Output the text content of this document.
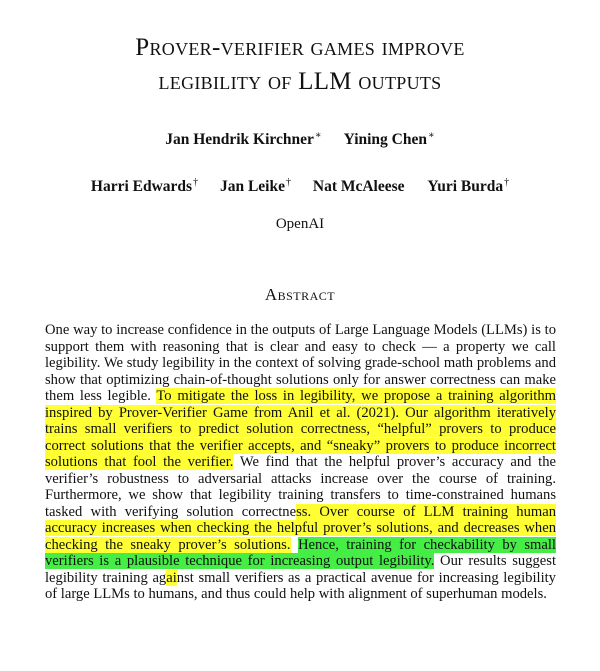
Prover-verifier games improve
legibility of LLM outputs
Jan Hendrik Kirchner∗ Yining Chen∗
Harri Edwards† Jan Leike† Nat McAleese Yuri Burda†
OpenAI
Abstract

One way to increase confidence in the outputs of Large Language Models (LLMs) is to support them with reasoning that is clear and easy to check — a property we call legibility. We study legibility in the context of solving grade-school math problems and show that optimizing chain-of-thought solutions only for answer correctness can make them less legible. To mitigate the loss in legibility, we propose a training algorithm inspired by Prover-Verifier Game from Anil et al. (2021). Our algorithm iteratively trains small verifiers to predict solution correctness, “helpful” provers to produce correct solutions that the verifier accepts, and “sneaky” provers to produce incorrect solutions that fool the verifier. We find that the helpful prover’s accuracy and the verifier’s robustness to adversarial attacks increase over the course of training. Furthermore, we show that legibility training transfers to time-constrained humans tasked with verifying solution correctness. Over course of LLM training human accuracy increases when checking the helpful prover’s solutions, and decreases when checking the sneaky prover’s solutions. Hence, training for checkability by small verifiers is a plausible technique for increasing output legibility. Our results suggest legibility training against small verifiers as a practical avenue for increasing legibility of large LLMs to humans, and thus could help with alignment of superhuman models.
